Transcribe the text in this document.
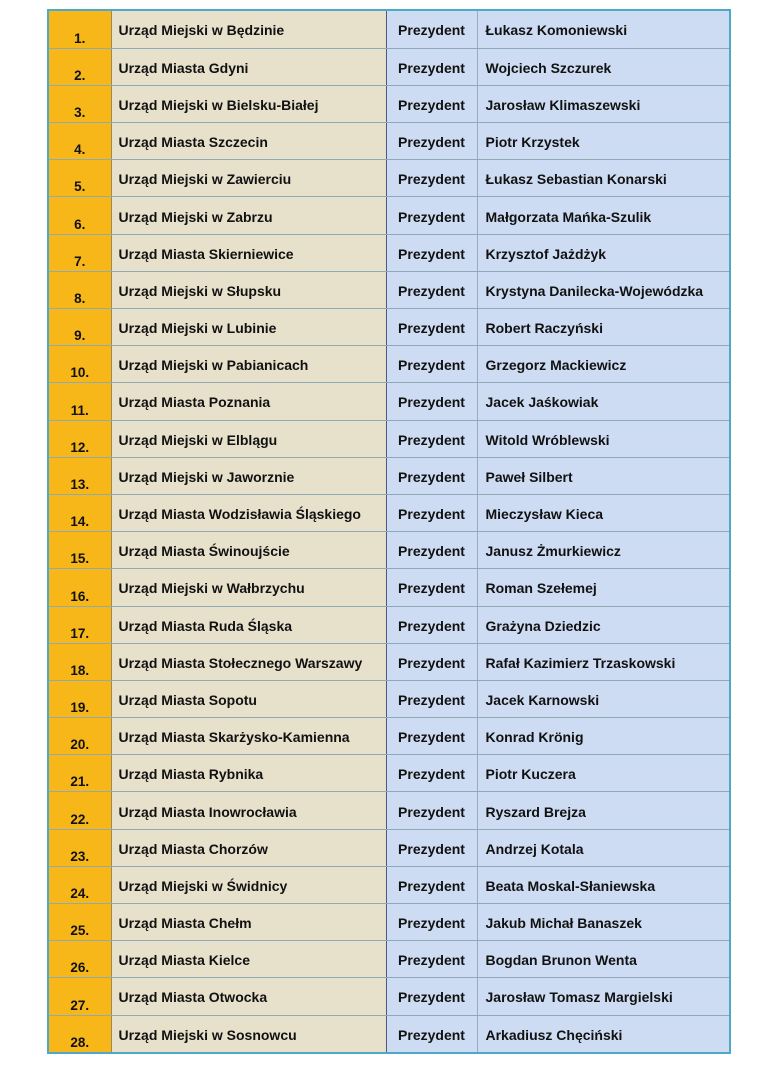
1.	Urząd Miejski w Będzinie	Prezydent	Łukasz Komoniewski
2.	Urząd Miasta Gdyni	Prezydent	Wojciech Szczurek
3.	Urząd Miejski w Bielsku-Białej	Prezydent	Jarosław Klimaszewski
4.	Urząd Miasta Szczecin	Prezydent	Piotr Krzystek
5.	Urząd Miejski w Zawierciu	Prezydent	Łukasz Sebastian Konarski
6.	Urząd Miejski w Zabrzu	Prezydent	Małgorzata Mańka-Szulik
7.	Urząd Miasta Skierniewice	Prezydent	Krzysztof Jażdżyk
8.	Urząd Miejski w Słupsku	Prezydent	Krystyna Danilecka-Wojewódzka
9.	Urząd Miejski w Lubinie	Prezydent	Robert Raczyński
10.	Urząd Miejski w Pabianicach	Prezydent	Grzegorz Mackiewicz
11.	Urząd Miasta Poznania	Prezydent	Jacek Jaśkowiak
12.	Urząd Miejski w Elblągu	Prezydent	Witold Wróblewski
13.	Urząd Miejski w Jaworznie	Prezydent	Paweł Silbert
14.	Urząd Miasta Wodzisławia Śląskiego	Prezydent	Mieczysław Kieca
15.	Urząd Miasta Świnoujście	Prezydent	Janusz Żmurkiewicz
16.	Urząd Miejski w Wałbrzychu	Prezydent	Roman Szełemej
17.	Urząd Miasta Ruda Śląska	Prezydent	Grażyna Dziedzic
18.	Urząd Miasta Stołecznego Warszawy	Prezydent	Rafał Kazimierz Trzaskowski
19.	Urząd Miasta Sopotu	Prezydent	Jacek Karnowski
20.	Urząd Miasta Skarżysko-Kamienna	Prezydent	Konrad Krönig
21.	Urząd Miasta Rybnika	Prezydent	Piotr Kuczera
22.	Urząd Miasta Inowrocławia	Prezydent	Ryszard Brejza
23.	Urząd Miasta Chorzów	Prezydent	Andrzej Kotala
24.	Urząd Miejski w Świdnicy	Prezydent	Beata Moskal-Słaniewska
25.	Urząd Miasta Chełm	Prezydent	Jakub Michał Banaszek
26.	Urząd Miasta Kielce	Prezydent	Bogdan Brunon Wenta
27.	Urząd Miasta Otwocka	Prezydent	Jarosław Tomasz Margielski
28.	Urząd Miejski w Sosnowcu	Prezydent	Arkadiusz Chęciński
